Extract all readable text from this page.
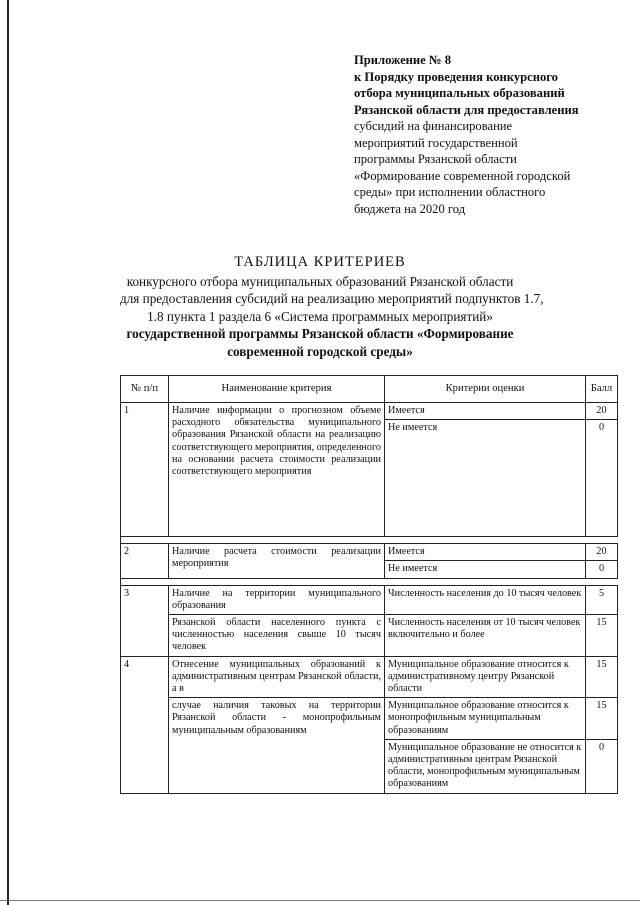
Приложение № 8
к Порядку проведения конкурсного
отбора муниципальных образований
Рязанской области для предоставления
субсидий на финансирование
мероприятий государственной
программы Рязанской области
«Формирование современной городской
среды» при исполнении областного
бюджета на 2020 год
ТАБЛИЦА КРИТЕРИЕВ
конкурсного отбора муниципальных образований Рязанской области
для предоставления субсидий на реализацию мероприятий подпунктов 1.7,
1.8 пункта 1 раздела 6 «Система программных мероприятий»
государственной программы Рязанской области «Формирование
современной городской среды»
№ п/п	Наименование критерия	Критерии оценки	Балл
1	Наличие информации о прогнозном объеме расходного обязательства муниципального образования Рязанской области на реализацию соответствующего мероприятия, определенного на основании расчета стоимости реализации соответствующего мероприятия	Имеется	20
		Не имеется	0

2	Наличие расчета стоимости реализации мероприятия	Имеется	20
		Не имеется	0

3	Наличие на территории муниципального образования	Численность населения до 10 тысяч человек	5
	Рязанской области населенного пункта с численностью населения свыше 10 тысяч человек	Численность населения от 10 тысяч человек включительно и более	15
4	Отнесение муниципальных образований к административным центрам Рязанской области, а в	Муниципальное образование относится к административному центру Рязанской области	15
	случае наличия таковых на территории Рязанской области - монопрофильным муниципальным образованиям	Муниципальное образование относится к монопрофильным муниципальным образованиям	15
		Муниципальное образование не относится к административным центрам Рязанской области, монопрофильным муниципальным образованиям	0
